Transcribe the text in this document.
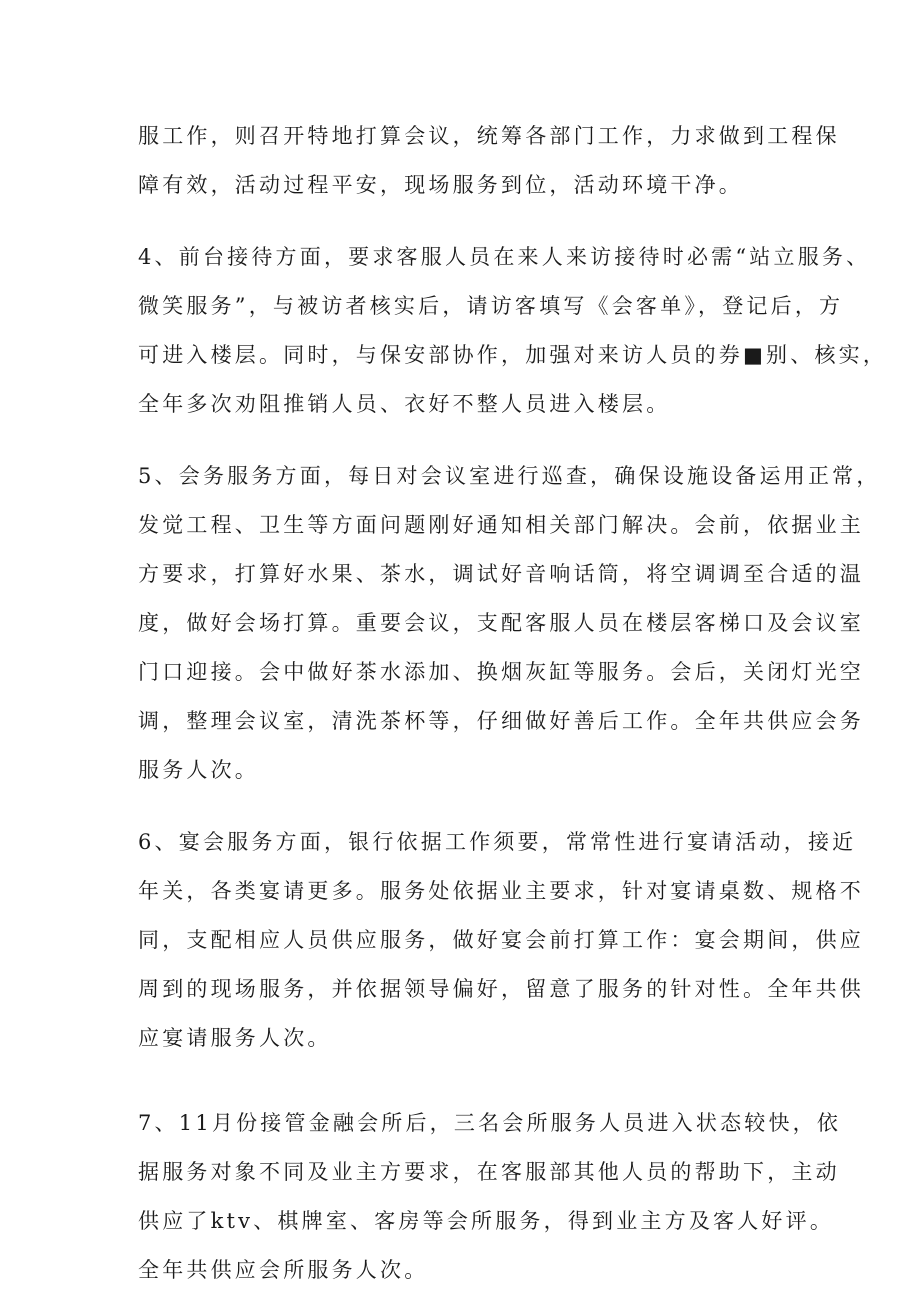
服工作，则召开特地打算会议，统筹各部门工作，力求做到工程保
障有效，活动过程平安，现场服务到位，活动环境干净。
4、前台接待方面，要求客服人员在来人来访接待时必需“站立服务、
微笑服务”，与被访者核实后，请访客填写《会客单》，登记后，方
可进入楼层。同时，与保安部协作，加强对来访人员的券■别、核实，
全年多次劝阻推销人员、衣好不整人员进入楼层。
5、会务服务方面，每日对会议室进行巡查，确保设施设备运用正常，
发觉工程、卫生等方面问题刚好通知相关部门解决。会前，依据业主
方要求，打算好水果、茶水，调试好音响话筒，将空调调至合适的温
度，做好会场打算。重要会议，支配客服人员在楼层客梯口及会议室
门口迎接。会中做好茶水添加、换烟灰缸等服务。会后，关闭灯光空
调，整理会议室，清洗茶杯等，仔细做好善后工作。全年共供应会务
服务人次。
6、宴会服务方面，银行依据工作须要，常常性进行宴请活动，接近
年关，各类宴请更多。服务处依据业主要求，针对宴请桌数、规格不
同，支配相应人员供应服务，做好宴会前打算工作：宴会期间，供应
周到的现场服务，并依据领导偏好，留意了服务的针对性。全年共供
应宴请服务人次。
7、11月份接管金融会所后，三名会所服务人员进入状态较快，依
据服务对象不同及业主方要求，在客服部其他人员的帮助下，主动
供应了ktv、棋牌室、客房等会所服务，得到业主方及客人好评。
全年共供应会所服务人次。
